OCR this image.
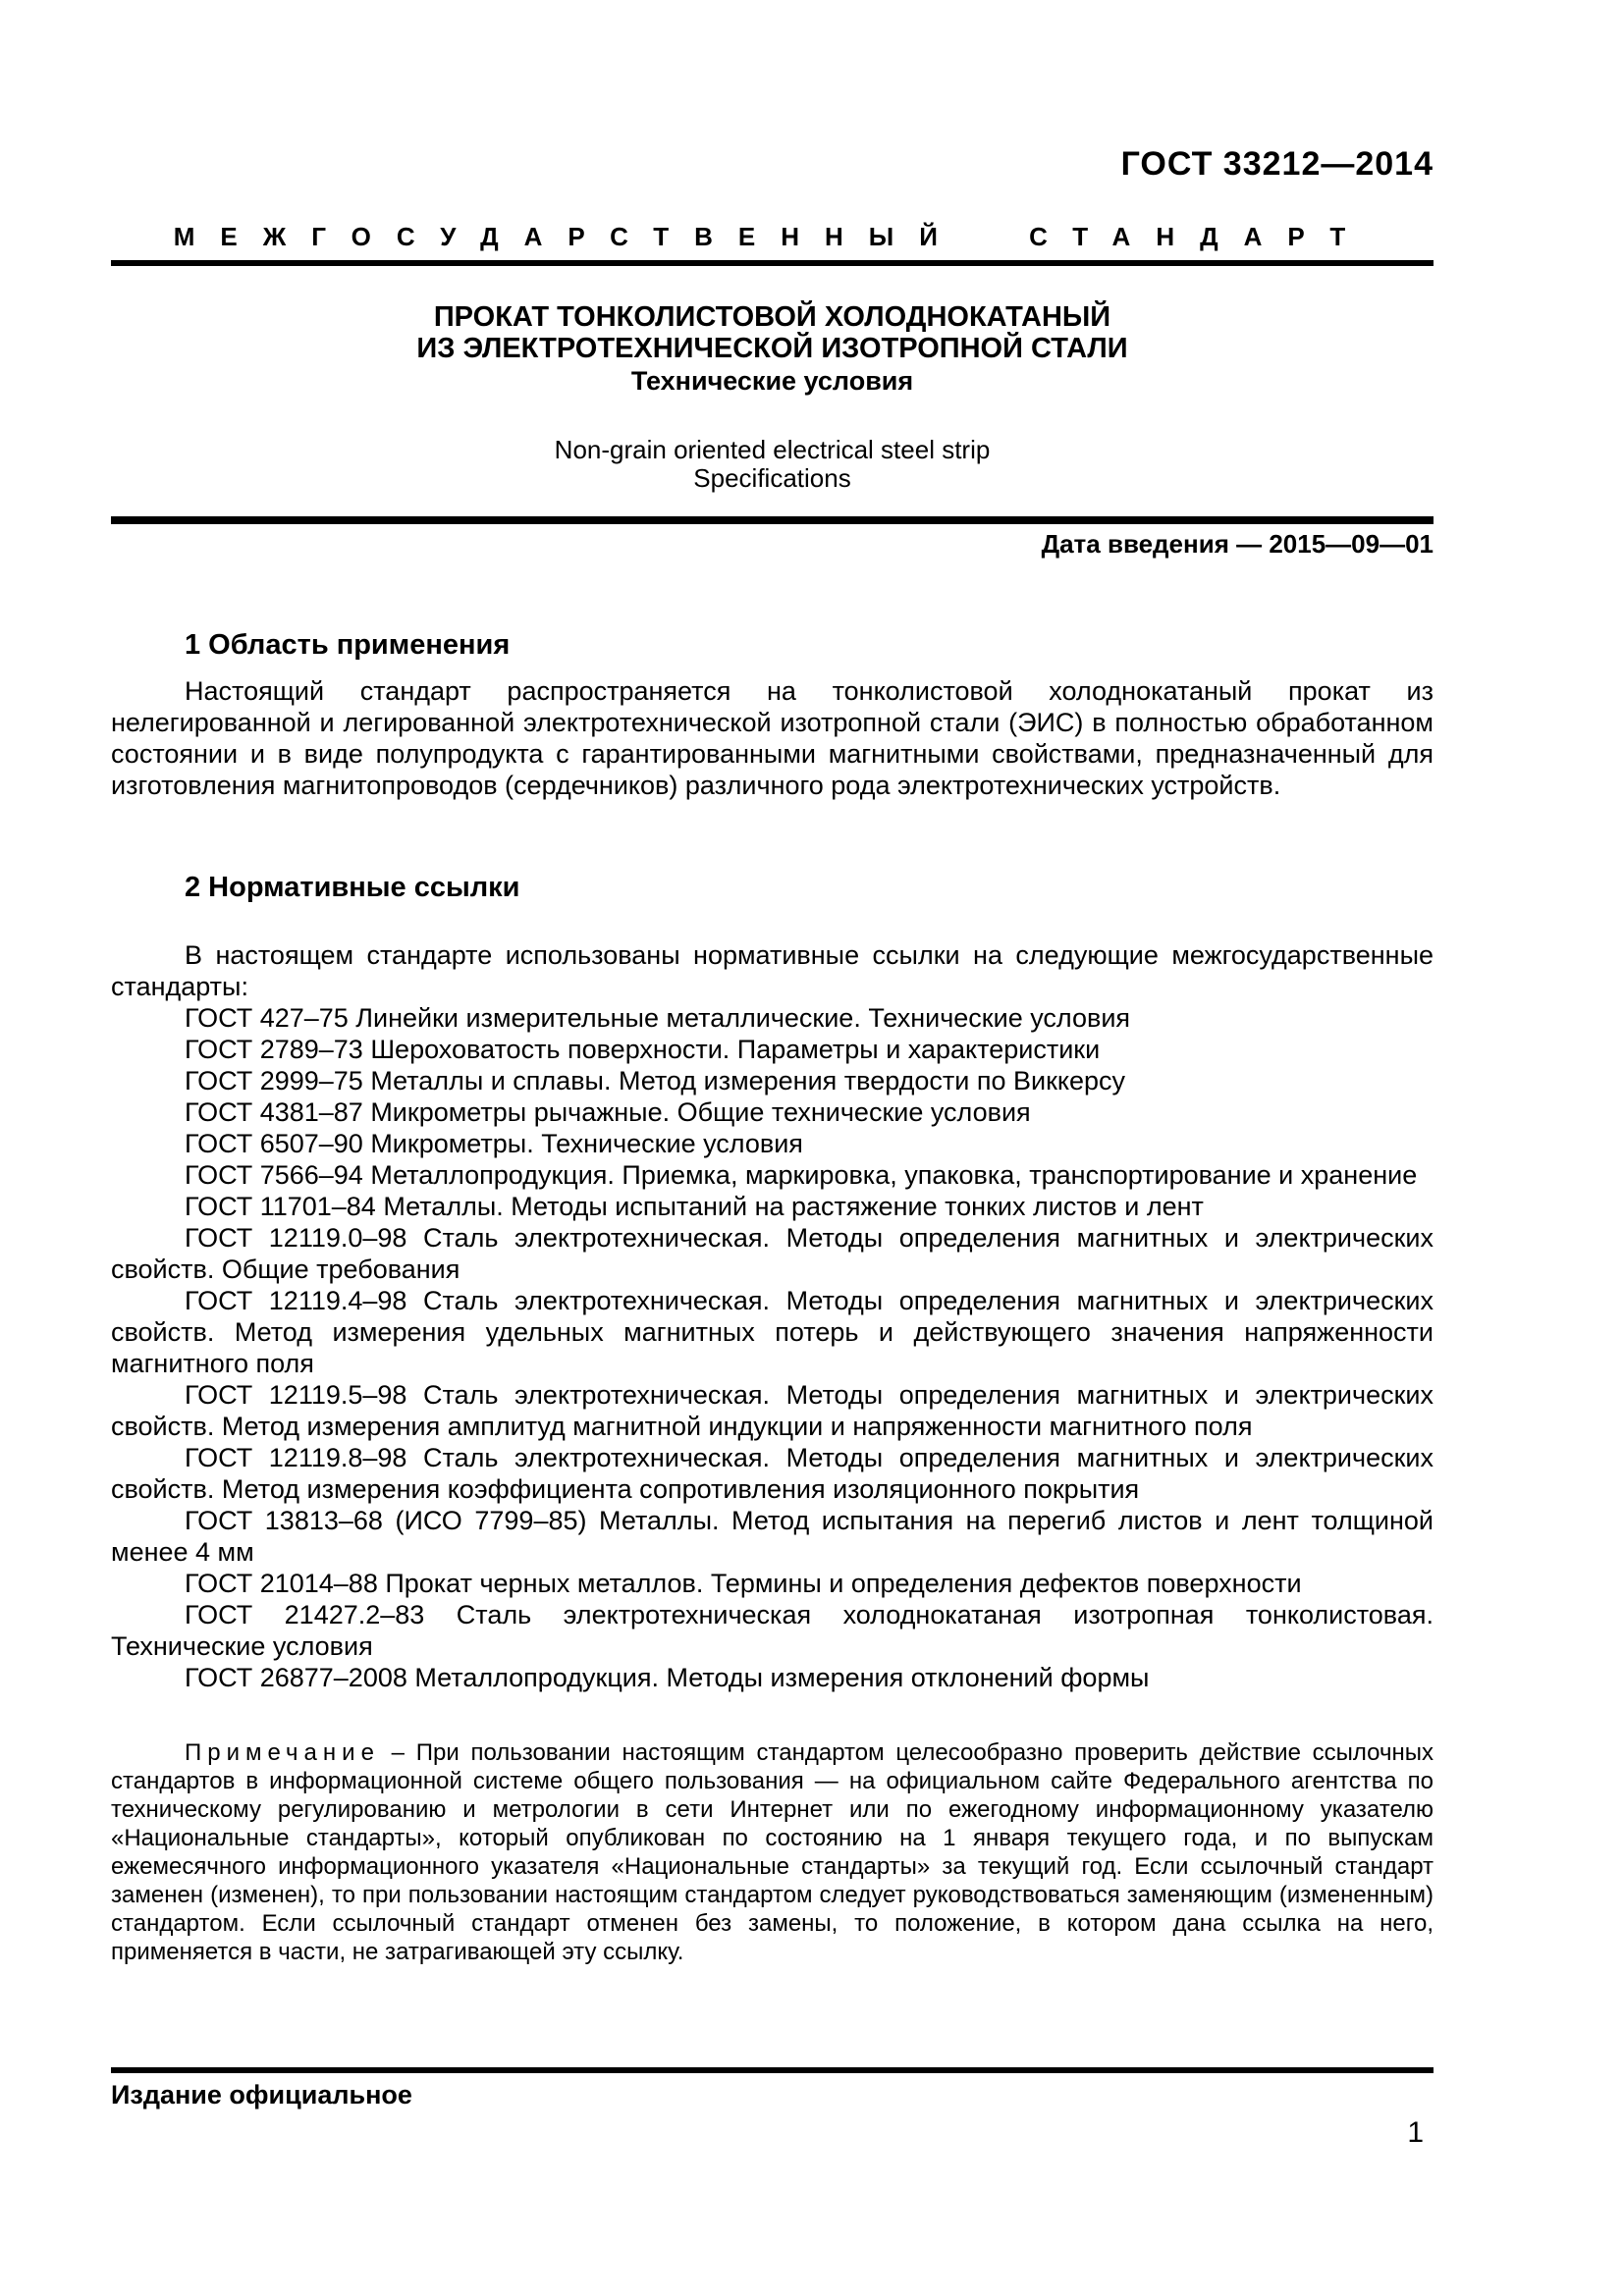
ГОСТ 33212—2014
МЕЖГОСУДАРСТВЕННЫЙ СТАНДАРТ
ПРОКАТ ТОНКОЛИСТОВОЙ ХОЛОДНОКАТАНЫЙ
ИЗ ЭЛЕКТРОТЕХНИЧЕСКОЙ ИЗОТРОПНОЙ СТАЛИ
Технические условия
Non-grain oriented electrical steel strip
Specifications
Дата введения — 2015—09—01
1 Область применения

Настоящий стандарт распространяется на тонколистовой холоднокатаный прокат из нелегированной и легированной электротехнической изотропной стали (ЭИС) в полностью обработанном состоянии и в виде полупродукта с гарантированными магнитными свойствами, предназначенный для изготовления магнитопроводов (сердечников) различного рода электротехнических устройств.

2 Нормативные ссылки

В настоящем стандарте использованы нормативные ссылки на следующие межгосударственные стандарты:

ГОСТ 427–75 Линейки измерительные металлические. Технические условия

ГОСТ 2789–73 Шероховатость поверхности. Параметры и характеристики

ГОСТ 2999–75 Металлы и сплавы. Метод измерения твердости по Виккерсу

ГОСТ 4381–87 Микрометры рычажные. Общие технические условия

ГОСТ 6507–90 Микрометры. Технические условия

ГОСТ 7566–94 Металлопродукция. Приемка, маркировка, упаковка, транспортирование и хранение

ГОСТ 11701–84 Металлы. Методы испытаний на растяжение тонких листов и лент

ГОСТ 12119.0–98 Сталь электротехническая. Методы определения магнитных и электрических свойств. Общие требования

ГОСТ 12119.4–98 Сталь электротехническая. Методы определения магнитных и электрических свойств. Метод измерения удельных магнитных потерь и действующего значения напряженности магнитного поля

ГОСТ 12119.5–98 Сталь электротехническая. Методы определения магнитных и электрических свойств. Метод измерения амплитуд магнитной индукции и напряженности магнитного поля

ГОСТ 12119.8–98 Сталь электротехническая. Методы определения магнитных и электрических свойств. Метод измерения коэффициента сопротивления изоляционного покрытия

ГОСТ 13813–68 (ИСО 7799–85) Металлы. Метод испытания на перегиб листов и лент толщиной менее 4 мм

ГОСТ 21014–88 Прокат черных металлов. Термины и определения дефектов поверхности

ГОСТ 21427.2–83 Сталь электротехническая холоднокатаная изотропная тонколистовая. Технические условия

ГОСТ 26877–2008 Металлопродукция. Методы измерения отклонений формы

Примечание – При пользовании настоящим стандартом целесообразно проверить действие ссылочных стандартов в информационной системе общего пользования — на официальном сайте Федерального агентства по техническому регулированию и метрологии в сети Интернет или по ежегодному информационному указателю «Национальные стандарты», который опубликован по состоянию на 1 января текущего года, и по выпускам ежемесячного информационного указателя «Национальные стандарты» за текущий год. Если ссылочный стандарт заменен (изменен), то при пользовании настоящим стандартом следует руководствоваться заменяющим (измененным) стандартом. Если ссылочный стандарт отменен без замены, то положение, в котором дана ссылка на него, применяется в части, не затрагивающей эту ссылку.

Издание официальное
1
